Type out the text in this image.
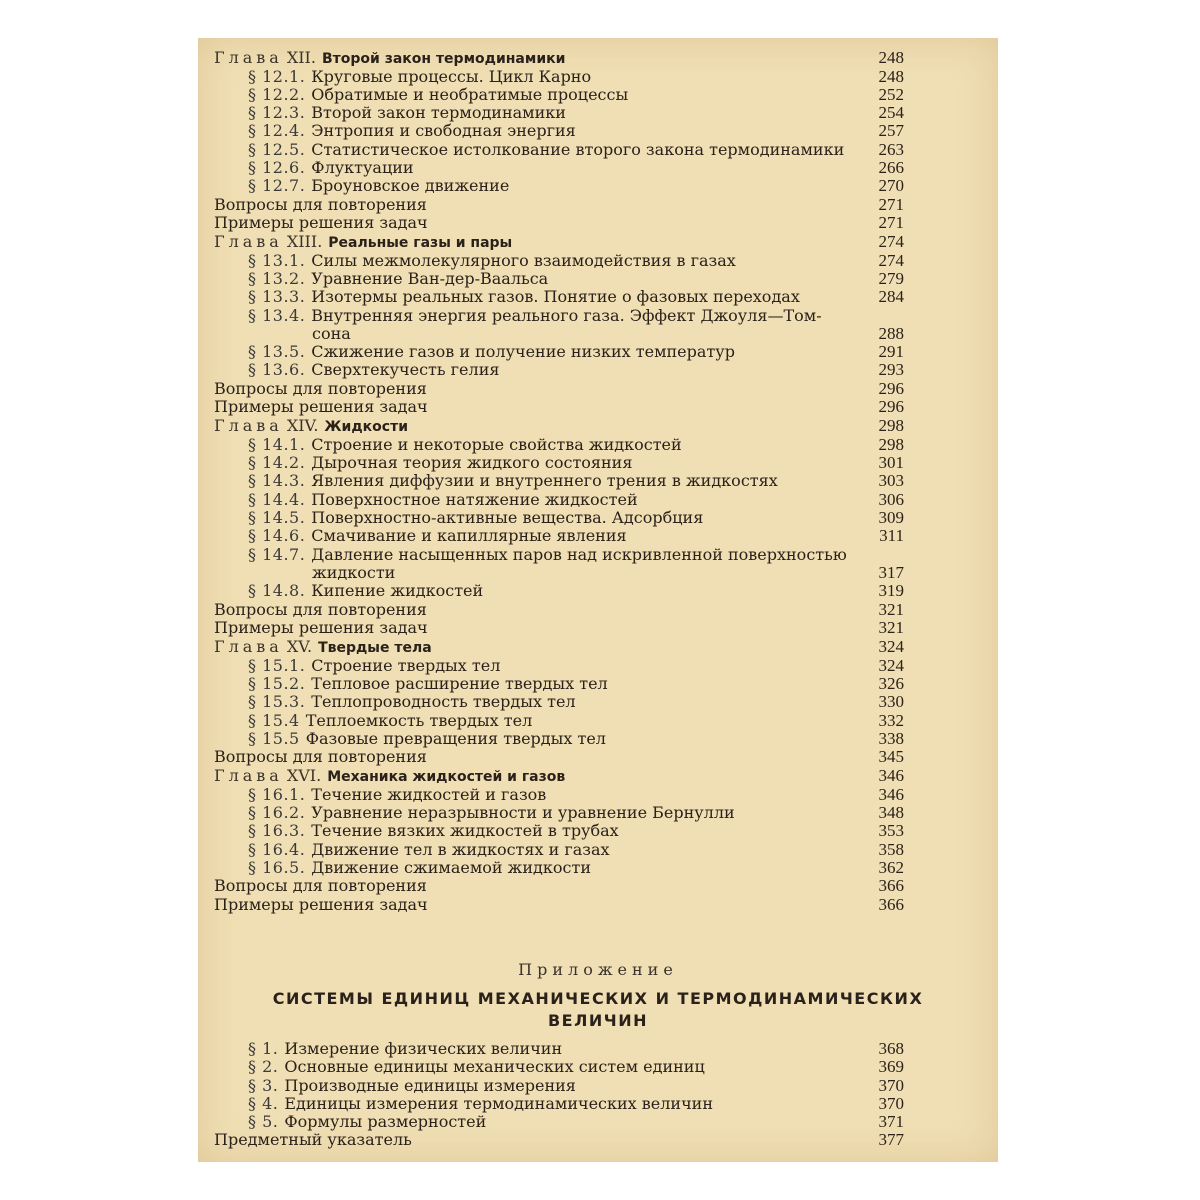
Глава XII. Второй закон термодинамики	248
§ 12.1. Круговые процессы. Цикл Карно	248
§ 12.2. Обратимые и необратимые процессы	252
§ 12.3. Второй закон термодинамики	254
§ 12.4. Энтропия и свободная энергия	257
§ 12.5. Статистическое истолкование второго закона термодинамики	263
§ 12.6. Флуктуации	266
§ 12.7. Броуновское движение	270
Вопросы для повторения	271
Примеры решения задач	271
Глава XIII. Реальные газы и пары	274
§ 13.1. Силы межмолекулярного взаимодействия в газах	274
§ 13.2. Уравнение Ван-дер-Ваальса	279
§ 13.3. Изотермы реальных газов. Понятие о фазовых переходах	284
§ 13.4. Внутренняя энергия реального газа. Эффект Джоуля—Том-
сона	288
§ 13.5. Сжижение газов и получение низких температур	291
§ 13.6. Сверхтекучесть гелия	293
Вопросы для повторения	296
Примеры решения задач	296
Глава XIV. Жидкости	298
§ 14.1. Строение и некоторые свойства жидкостей	298
§ 14.2. Дырочная теория жидкого состояния	301
§ 14.3. Явления диффузии и внутреннего трения в жидкостях	303
§ 14.4. Поверхностное натяжение жидкостей	306
§ 14.5. Поверхностно-активные вещества. Адсорбция	309
§ 14.6. Смачивание и капиллярные явления	311
§ 14.7. Давление насыщенных паров над искривленной поверхностью
жидкости	317
§ 14.8. Кипение жидкостей	319
Вопросы для повторения	321
Примеры решения задач	321
Глава XV. Твердые тела	324
§ 15.1. Строение твердых тел	324
§ 15.2. Тепловое расширение твердых тел	326
§ 15.3. Теплопроводность твердых тел	330
§ 15.4 Теплоемкость твердых тел	332
§ 15.5 Фазовые превращения твердых тел	338
Вопросы для повторения	345
Глава XVI. Механика жидкостей и газов	346
§ 16.1. Течение жидкостей и газов	346
§ 16.2. Уравнение неразрывности и уравнение Бернулли	348
§ 16.3. Течение вязких жидкостей в трубах	353
§ 16.4. Движение тел в жидкостях и газах	358
§ 16.5. Движение сжимаемой жидкости	362
Вопросы для повторения	366
Примеры решения задач	366
Приложение
СИСТЕМЫ ЕДИНИЦ МЕХАНИЧЕСКИХ И ТЕРМОДИНАМИЧЕСКИХ
ВЕЛИЧИН
§ 1. Измерение физических величин	368
§ 2. Основные единицы механических систем единиц	369
§ 3. Производные единицы измерения	370
§ 4. Единицы измерения термодинамических величин	370
§ 5. Формулы размерностей	371
Предметный указатель	377
